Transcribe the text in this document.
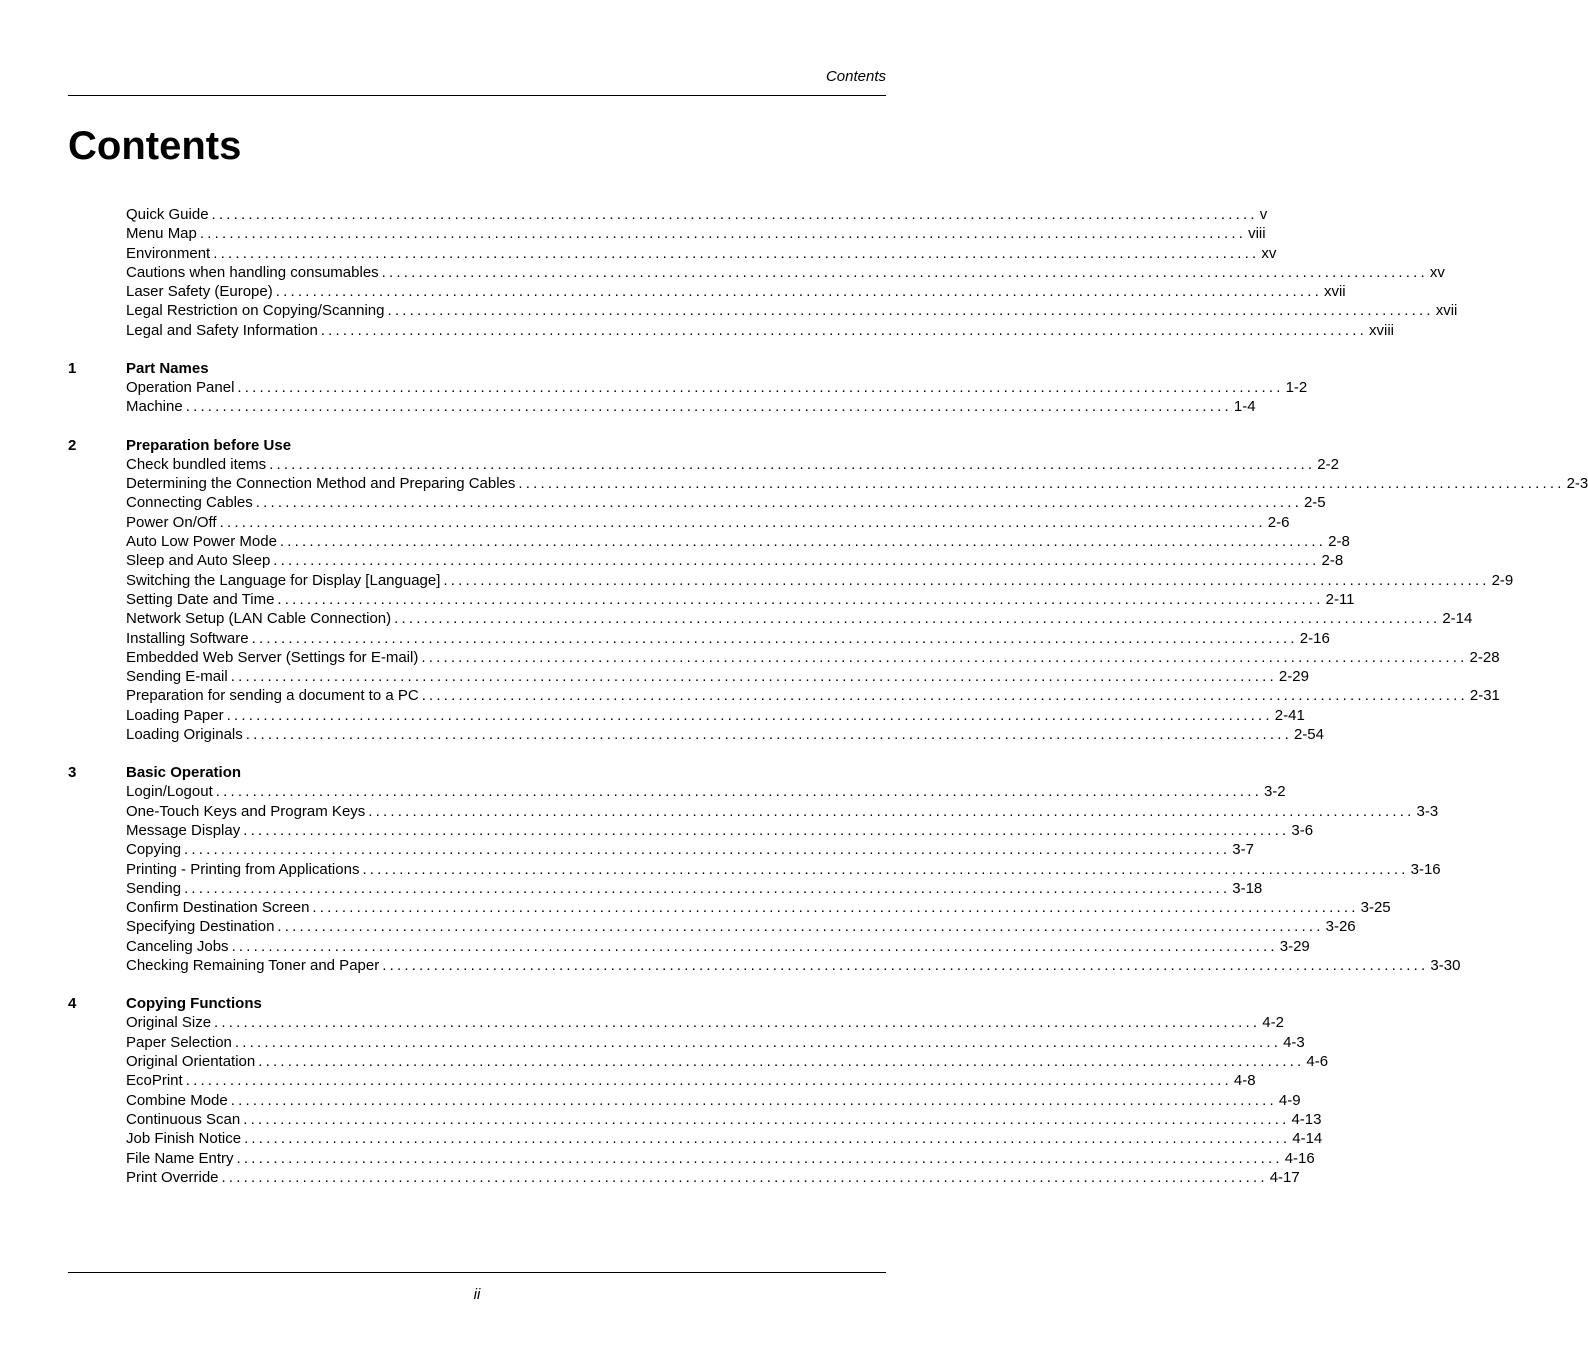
Contents
Contents
Quick Guide .............................................................................................................................................. v
Menu Map .............................................................................................................................................. viii
Environment .............................................................................................................................................. xv
Cautions when handling consumables .............................................................................................................................................. xv
Laser Safety (Europe) .............................................................................................................................................. xvii
Legal Restriction on Copying/Scanning .............................................................................................................................................. xvii
Legal and Safety Information .............................................................................................................................................. xviii
1	Part Names
Operation Panel .............................................................................................................................................. 1-2
Machine .............................................................................................................................................. 1-4
2	Preparation before Use
Check bundled items .............................................................................................................................................. 2-2
Determining the Connection Method and Preparing Cables .............................................................................................................................................. 2-3
Connecting Cables .............................................................................................................................................. 2-5
Power On/Off .............................................................................................................................................. 2-6
Auto Low Power Mode .............................................................................................................................................. 2-8
Sleep and Auto Sleep .............................................................................................................................................. 2-8
Switching the Language for Display [Language] .............................................................................................................................................. 2-9
Setting Date and Time .............................................................................................................................................. 2-11
Network Setup (LAN Cable Connection) .............................................................................................................................................. 2-14
Installing Software .............................................................................................................................................. 2-16
Embedded Web Server (Settings for E-mail) .............................................................................................................................................. 2-28
Sending E-mail .............................................................................................................................................. 2-29
Preparation for sending a document to a PC .............................................................................................................................................. 2-31
Loading Paper .............................................................................................................................................. 2-41
Loading Originals .............................................................................................................................................. 2-54
3	Basic Operation
Login/Logout .............................................................................................................................................. 3-2
One-Touch Keys and Program Keys .............................................................................................................................................. 3-3
Message Display .............................................................................................................................................. 3-6
Copying .............................................................................................................................................. 3-7
Printing - Printing from Applications .............................................................................................................................................. 3-16
Sending .............................................................................................................................................. 3-18
Confirm Destination Screen .............................................................................................................................................. 3-25
Specifying Destination .............................................................................................................................................. 3-26
Canceling Jobs .............................................................................................................................................. 3-29
Checking Remaining Toner and Paper .............................................................................................................................................. 3-30
4	Copying Functions
Original Size .............................................................................................................................................. 4-2
Paper Selection .............................................................................................................................................. 4-3
Original Orientation .............................................................................................................................................. 4-6
EcoPrint .............................................................................................................................................. 4-8
Combine Mode .............................................................................................................................................. 4-9
Continuous Scan .............................................................................................................................................. 4-13
Job Finish Notice .............................................................................................................................................. 4-14
File Name Entry .............................................................................................................................................. 4-16
Print Override .............................................................................................................................................. 4-17
ii
